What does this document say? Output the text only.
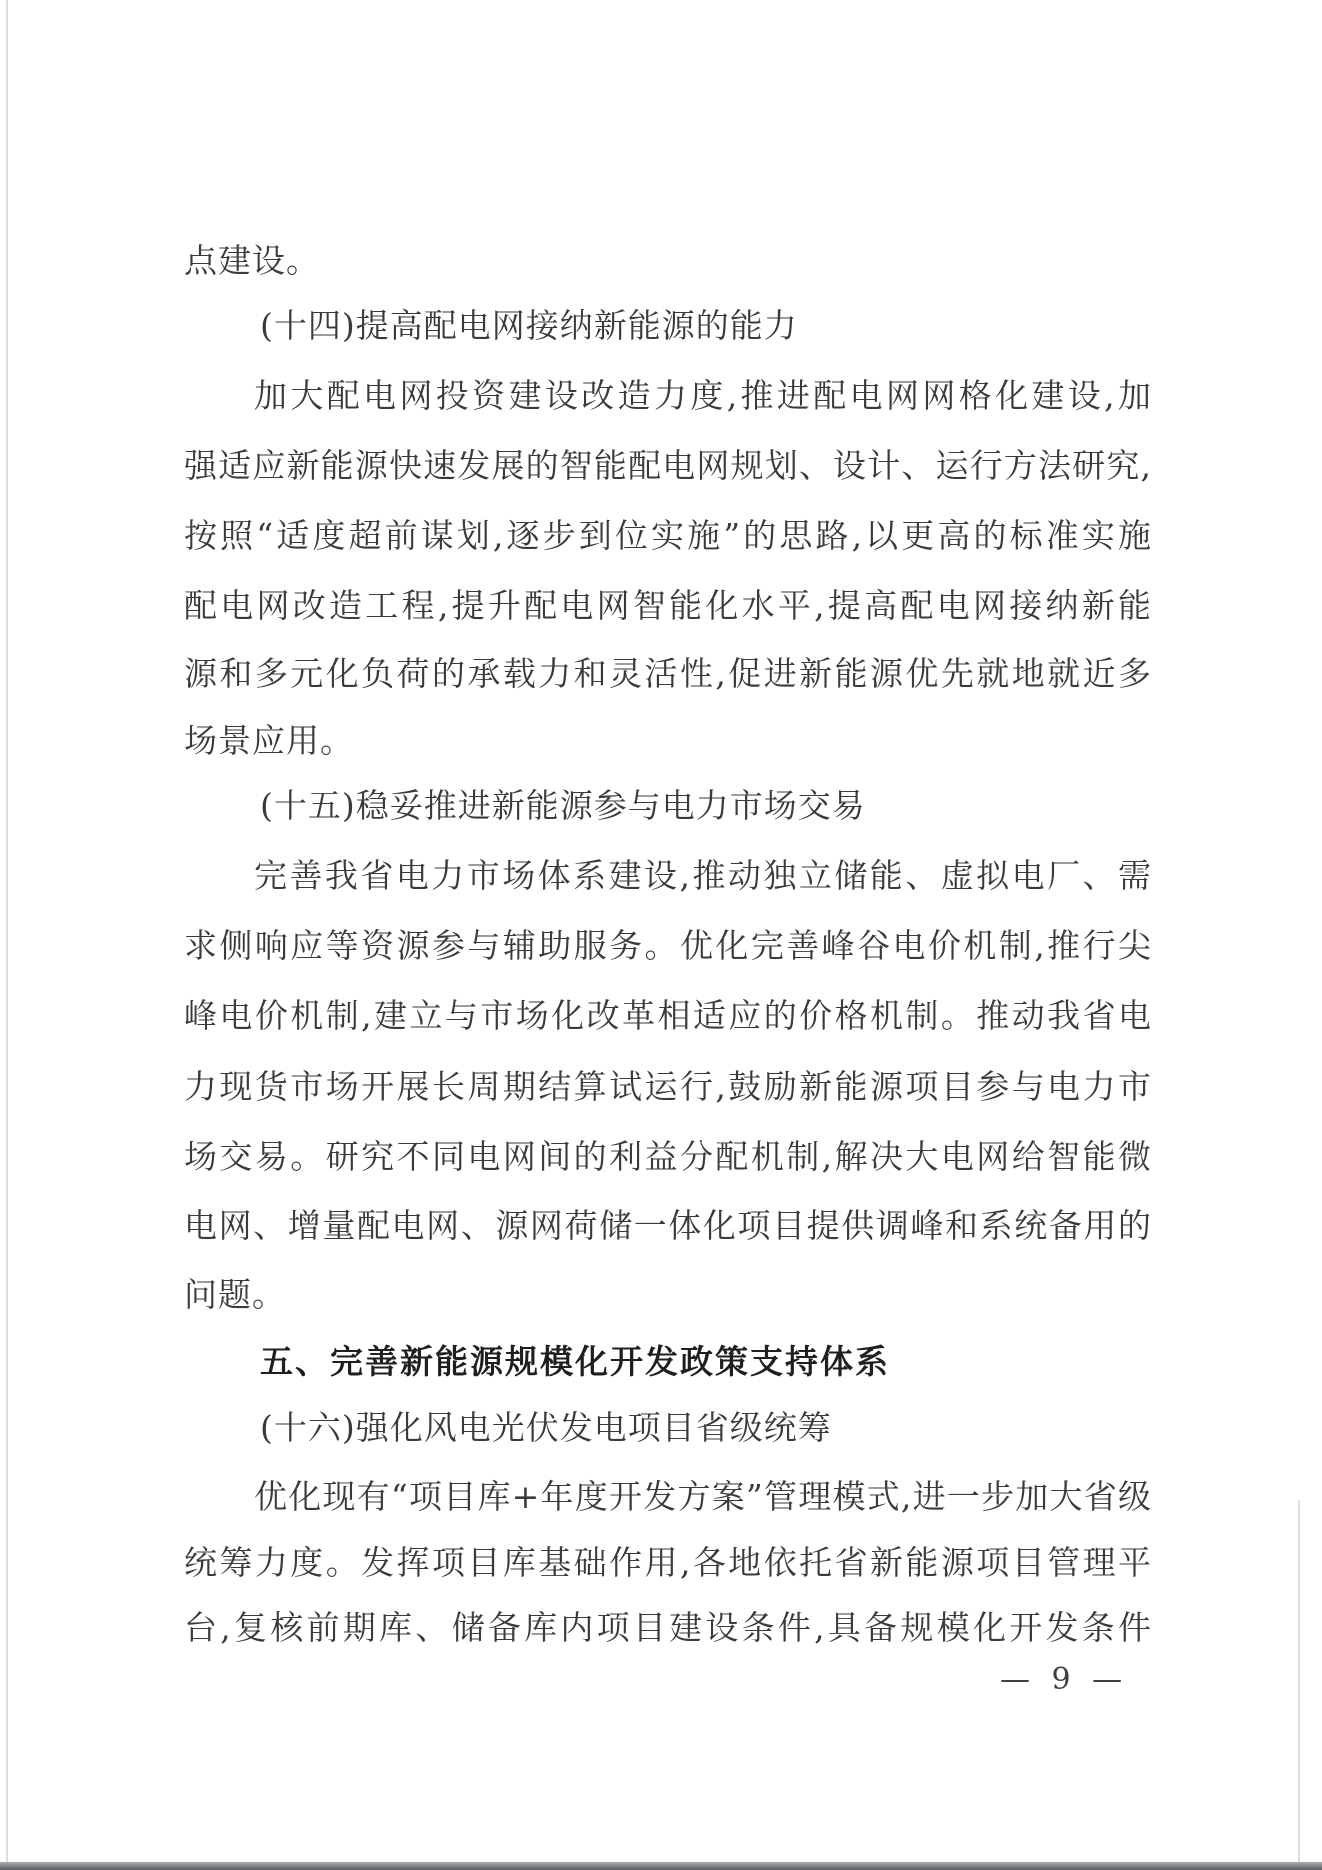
点建设。
(十四)提高配电网接纳新能源的能力
加大配电网投资建设改造力度,推进配电网网格化建设,加
强适应新能源快速发展的智能配电网规划、设计、运行方法研究,
按照“适度超前谋划,逐步到位实施”的思路,以更高的标准实施
配电网改造工程,提升配电网智能化水平,提高配电网接纳新能
源和多元化负荷的承载力和灵活性,促进新能源优先就地就近多
场景应用。
(十五)稳妥推进新能源参与电力市场交易
完善我省电力市场体系建设,推动独立储能、虚拟电厂、需
求侧响应等资源参与辅助服务。优化完善峰谷电价机制,推行尖
峰电价机制,建立与市场化改革相适应的价格机制。推动我省电
力现货市场开展长周期结算试运行,鼓励新能源项目参与电力市
场交易。研究不同电网间的利益分配机制,解决大电网给智能微
电网、增量配电网、源网荷储一体化项目提供调峰和系统备用的
问题。
五、完善新能源规模化开发政策支持体系
(十六)强化风电光伏发电项目省级统筹
优化现有“项目库+年度开发方案”管理模式,进一步加大省级
统筹力度。发挥项目库基础作用,各地依托省新能源项目管理平
台,复核前期库、储备库内项目建设条件,具备规模化开发条件
— 9 —
